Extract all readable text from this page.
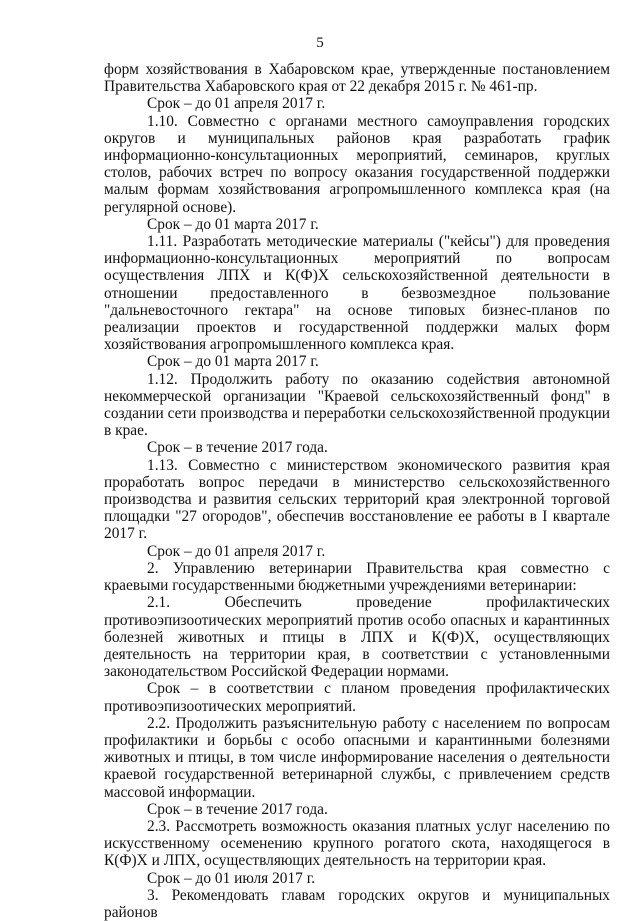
5

форм хозяйствования в Хабаровском крае, утвержденные постановлением Правительства Хабаровского края от 22 декабря 2015 г. № 461-пр.

Срок – до 01 апреля 2017 г.

1.10. Совместно с органами местного самоуправления городских округов и муниципальных районов края разработать график информационно-консультационных мероприятий, семинаров, круглых столов, рабочих встреч по вопросу оказания государственной поддержки малым формам хозяйствования агропромышленного комплекса края (на регулярной основе).

Срок – до 01 марта 2017 г.

1.11. Разработать методические материалы ("кейсы") для проведения информационно-консультационных мероприятий по вопросам осуществления ЛПХ и К(Ф)Х сельскохозяйственной деятельности в отношении предоставленного в безвозмездное пользование "дальневосточного гектара" на основе типовых бизнес-планов по реализации проектов и государственной поддержки малых форм хозяйствования агропромышленного комплекса края.

Срок – до 01 марта 2017 г.

1.12. Продолжить работу по оказанию содействия автономной некоммерческой организации "Краевой сельскохозяйственный фонд" в создании сети производства и переработки сельскохозяйственной продукции в крае.

Срок – в течение 2017 года.

1.13. Совместно с министерством экономического развития края проработать вопрос передачи в министерство сельскохозяйственного производства и развития сельских территорий края электронной торговой площадки "27 огородов", обеспечив восстановление ее работы в I квартале 2017 г.

Срок – до 01 апреля 2017 г.

2. Управлению ветеринарии Правительства края совместно с краевыми государственными бюджетными учреждениями ветеринарии:

2.1. Обеспечить проведение профилактических противоэпизоотических мероприятий против особо опасных и карантинных болезней животных и птицы в ЛПХ и К(Ф)Х, осуществляющих деятельность на территории края, в соответствии с установленными законодательством Российской Федерации нормами.

Срок – в соответствии с планом проведения профилактических противоэпизоотических мероприятий.

2.2. Продолжить разъяснительную работу с населением по вопросам профилактики и борьбы с особо опасными и карантинными болезнями животных и птицы, в том числе информирование населения о деятельности краевой государственной ветеринарной службы, с привлечением средств массовой информации.

Срок – в течение 2017 года.

2.3. Рассмотреть возможность оказания платных услуг населению по искусственному осеменению крупного рогатого скота, находящегося в К(Ф)Х и ЛПХ, осуществляющих деятельность на территории края.

Срок – до 01 июля 2017 г.

3. Рекомендовать главам городских округов и муниципальных районов
